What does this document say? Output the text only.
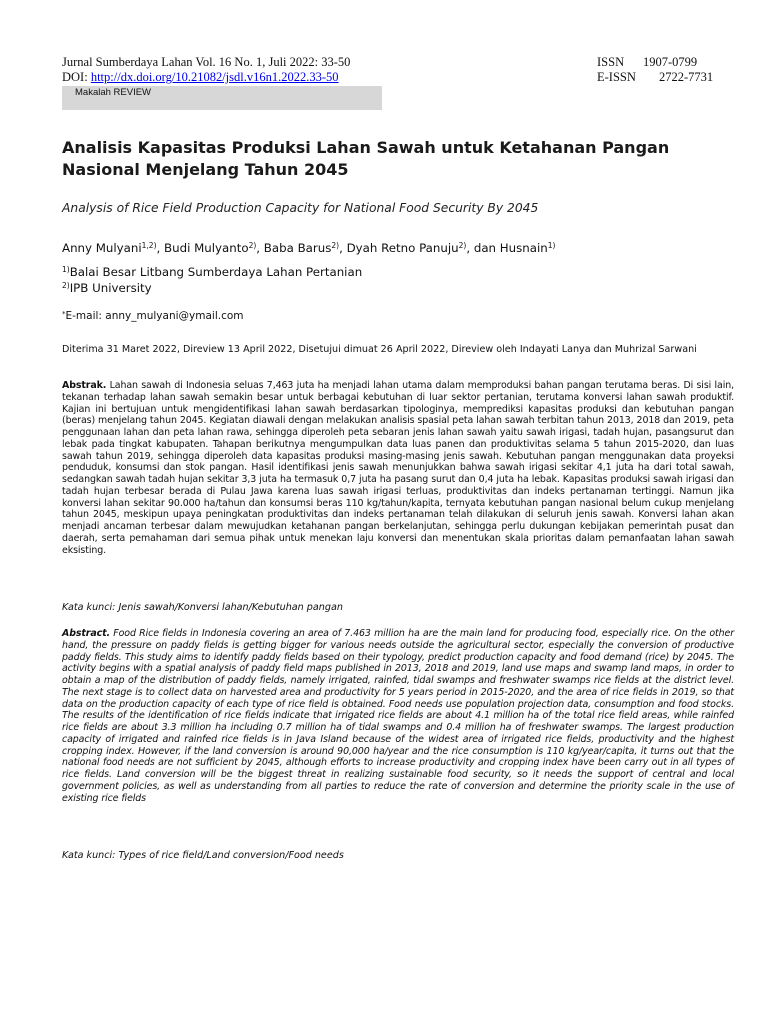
Jurnal Sumberdaya Lahan Vol. 16 No. 1, Juli 2022: 33-50
DOI: http://dx.doi.org/10.21082/jsdl.v16n1.2022.33-50
ISSN 1907-0799
E-ISSN 2722-7731
Makalah REVIEW
Analisis Kapasitas Produksi Lahan Sawah untuk Ketahanan Pangan Nasional Menjelang Tahun 2045
Analysis of Rice Field Production Capacity for National Food Security By 2045
Anny Mulyani$^{1,2)}$, Budi Mulyanto$^{2)}$, Baba Barus$^{2)}$, Dyah Retno Panuju$^{2)}$, dan Husnain$^{1)}$
$^{1)}$Balai Besar Litbang Sumberdaya Lahan Pertanian
$^{2)}$IPB University
*E-mail: anny_mulyani@ymail.com
Diterima 31 Maret 2022, Direview 13 April 2022, Disetujui dimuat 26 April 2022, Direview oleh Indayati Lanya dan Muhrizal Sarwani
Abstrak. Lahan sawah di Indonesia seluas 7,463 juta ha menjadi lahan utama dalam memproduksi bahan pangan terutama beras. Di sisi lain, tekanan terhadap lahan sawah semakin besar untuk berbagai kebutuhan di luar sektor pertanian, terutama konversi lahan sawah produktif. Kajian ini bertujuan untuk mengidentifikasi lahan sawah berdasarkan tipologinya, memprediksi kapasitas produksi dan kebutuhan pangan (beras) menjelang tahun 2045. Kegiatan diawali dengan melakukan analisis spasial peta lahan sawah terbitan tahun 2013, 2018 dan 2019, peta penggunaan lahan dan peta lahan rawa, sehingga diperoleh peta sebaran jenis lahan sawah yaitu sawah irigasi, tadah hujan, pasangsurut dan lebak pada tingkat kabupaten. Tahapan berikutnya mengumpulkan data luas panen dan produktivitas selama 5 tahun 2015-2020, dan luas sawah tahun 2019, sehingga diperoleh data kapasitas produksi masing-masing jenis sawah. Kebutuhan pangan menggunakan data proyeksi penduduk, konsumsi dan stok pangan. Hasil identifikasi jenis sawah menunjukkan bahwa sawah irigasi sekitar 4,1 juta ha dari total sawah, sedangkan sawah tadah hujan sekitar 3,3 juta ha termasuk 0,7 juta ha pasang surut dan 0,4 juta ha lebak. Kapasitas produksi sawah irigasi dan tadah hujan terbesar berada di Pulau Jawa karena luas sawah irigasi terluas, produktivitas dan indeks pertanaman tertinggi. Namun jika konversi lahan sekitar 90.000 ha/tahun dan konsumsi beras 110 kg/tahun/kapita, ternyata kebutuhan pangan nasional belum cukup menjelang tahun 2045, meskipun upaya peningkatan produktivitas dan indeks pertanaman telah dilakukan di seluruh jenis sawah. Konversi lahan akan menjadi ancaman terbesar dalam mewujudkan ketahanan pangan berkelanjutan, sehingga perlu dukungan kebijakan pemerintah pusat dan daerah, serta pemahaman dari semua pihak untuk menekan laju konversi dan menentukan skala prioritas dalam pemanfaatan lahan sawah eksisting.
Kata kunci: Jenis sawah/Konversi lahan/Kebutuhan pangan
Abstract. Food Rice fields in Indonesia covering an area of 7.463 million ha are the main land for producing food, especially rice. On the other hand, the pressure on paddy fields is getting bigger for various needs outside the agricultural sector, especially the conversion of productive paddy fields. This study aims to identify paddy fields based on their typology, predict production capacity and food demand (rice) by 2045. The activity begins with a spatial analysis of paddy field maps published in 2013, 2018 and 2019, land use maps and swamp land maps, in order to obtain a map of the distribution of paddy fields, namely irrigated, rainfed, tidal swamps and freshwater swamps rice fields at the district level. The next stage is to collect data on harvested area and productivity for 5 years period in 2015-2020, and the area of rice fields in 2019, so that data on the production capacity of each type of rice field is obtained. Food needs use population projection data, consumption and food stocks. The results of the identification of rice fields indicate that irrigated rice fields are about 4.1 million ha of the total rice field areas, while rainfed rice fields are about 3.3 million ha including 0.7 million ha of tidal swamps and 0.4 million ha of freshwater swamps. The largest production capacity of irrigated and rainfed rice fields is in Java Island because of the widest area of irrigated rice fields, productivity and the highest cropping index. However, if the land conversion is around 90,000 ha/year and the rice consumption is 110 kg/year/capita, it turns out that the national food needs are not sufficient by 2045, although efforts to increase productivity and cropping index have been carry out in all types of rice fields. Land conversion will be the biggest threat in realizing sustainable food security, so it needs the support of central and local government policies, as well as understanding from all parties to reduce the rate of conversion and determine the priority scale in the use of existing rice fields
Kata kunci: Types of rice field/Land conversion/Food needs
